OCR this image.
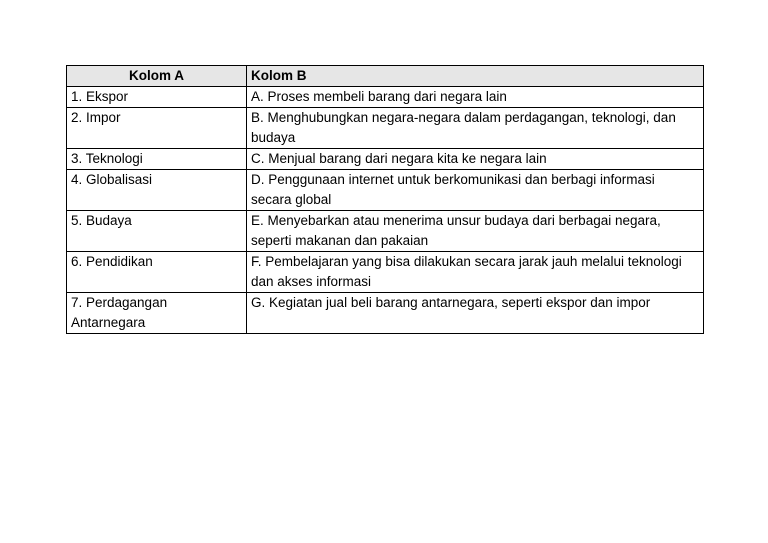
Kolom A	Kolom B
1. Ekspor	A. Proses membeli barang dari negara lain
2. Impor	B. Menghubungkan negara-negara dalam perdagangan, teknologi, dan budaya
3. Teknologi	C. Menjual barang dari negara kita ke negara lain
4. Globalisasi	D. Penggunaan internet untuk berkomunikasi dan berbagi informasi secara global
5. Budaya	E. Menyebarkan atau menerima unsur budaya dari berbagai negara, seperti makanan dan pakaian
6. Pendidikan	F. Pembelajaran yang bisa dilakukan secara jarak jauh melalui teknologi dan akses informasi
7. Perdagangan Antarnegara	G. Kegiatan jual beli barang antarnegara, seperti ekspor dan impor
